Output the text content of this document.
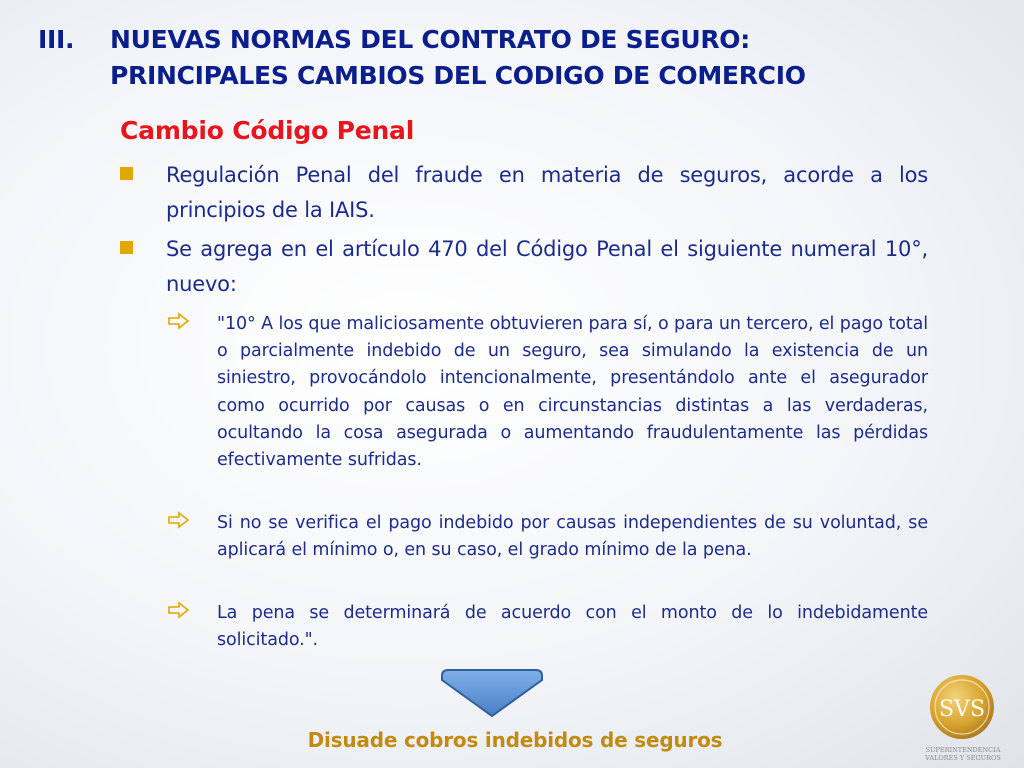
III.	NUEVAS NORMAS DEL CONTRATO DE SEGURO:
PRINCIPALES CAMBIOS DEL CODIGO DE COMERCIO
Cambio Código Penal
Regulación Penal del fraude en materia de seguros, acorde a los principios de la IAIS.
Se agrega en el artículo 470 del Código Penal el siguiente numeral 10°, nuevo:
"10° A los que maliciosamente obtuvieren para sí, o para un tercero, el pago total o parcialmente indebido de un seguro, sea simulando la existencia de un siniestro, provocándolo intencionalmente, presentándolo ante el asegurador como ocurrido por causas o en circunstancias distintas a las verdaderas, ocultando la cosa asegurada o aumentando fraudulentamente las pérdidas efectivamente sufridas.
Si no se verifica el pago indebido por causas independientes de su voluntad, se aplicará el mínimo o, en su caso, el grado mínimo de la pena.
La pena se determinará de acuerdo con el monto de lo indebidamente solicitado.".
Disuade cobros indebidos de seguros
SVS
SUPERINTENDENCIA
VALORES Y SEGUROS
